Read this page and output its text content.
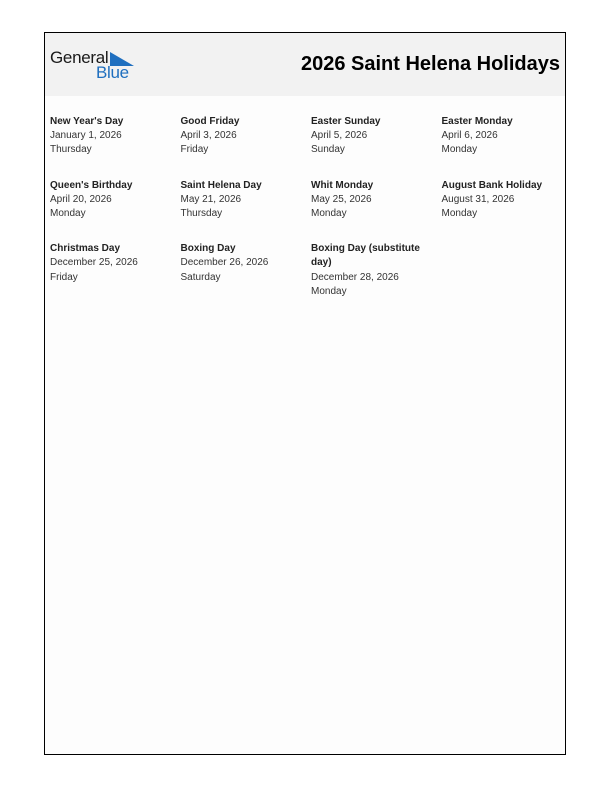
General
Blue	2026 Saint Helena Holidays
New Year's Day
January 1, 2026
Thursday
Good Friday
April 3, 2026
Friday
Easter Sunday
April 5, 2026
Sunday
Easter Monday
April 6, 2026
Monday
Queen's Birthday
April 20, 2026
Monday
Saint Helena Day
May 21, 2026
Thursday
Whit Monday
May 25, 2026
Monday
August Bank Holiday
August 31, 2026
Monday
Christmas Day
December 25, 2026
Friday
Boxing Day
December 26, 2026
Saturday
Boxing Day (substitute day)
December 28, 2026
Monday
